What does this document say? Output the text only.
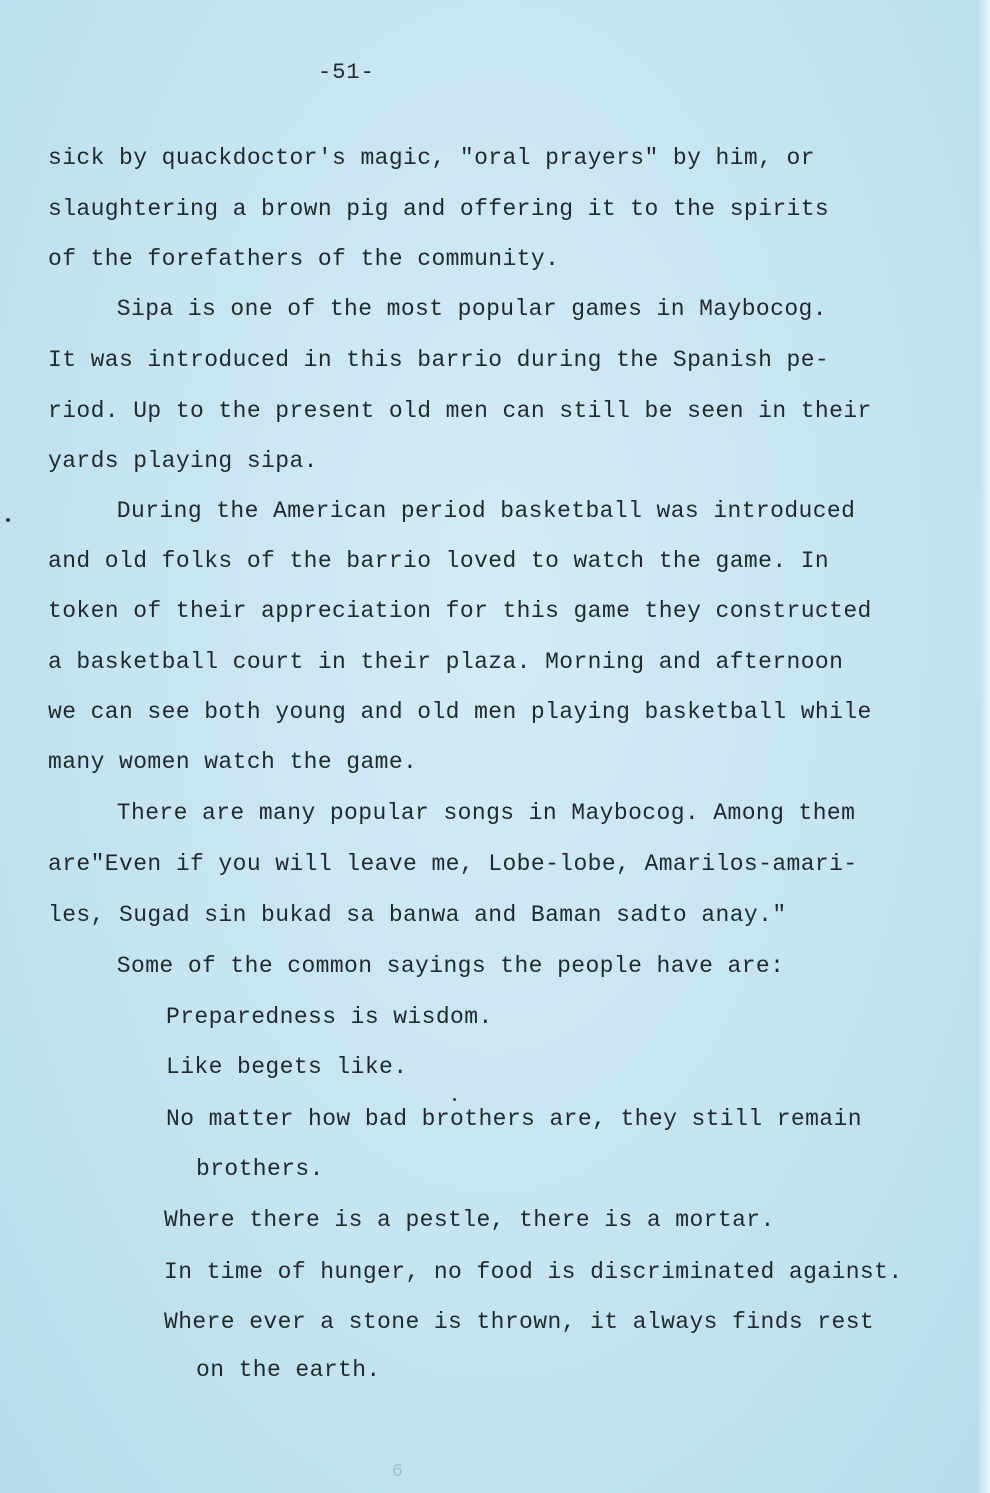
-51-
sick by quackdoctor's magic, "oral prayers" by him, or
slaughtering a brown pig and offering it to the spirits
of the forefathers of the community.
Sipa is one of the most popular games in Maybocog.
It was introduced in this barrio during the Spanish pe-
riod. Up to the present old men can still be seen in their
yards playing sipa.
During the American period basketball was introduced
and old folks of the barrio loved to watch the game. In
token of their appreciation for this game they constructed
a basketball court in their plaza. Morning and afternoon
we can see both young and old men playing basketball while
many women watch the game.
There are many popular songs in Maybocog. Among them
are"Even if you will leave me, Lobe-lobe, Amarilos-amari-
les, Sugad sin bukad sa banwa and Baman sadto anay."
Some of the common sayings the people have are:
Preparedness is wisdom.
Like begets like.
No matter how bad brothers are, they still remain
brothers.
Where there is a pestle, there is a mortar.
In time of hunger, no food is discriminated against.
Where ever a stone is thrown, it always finds rest
on the earth.
6
